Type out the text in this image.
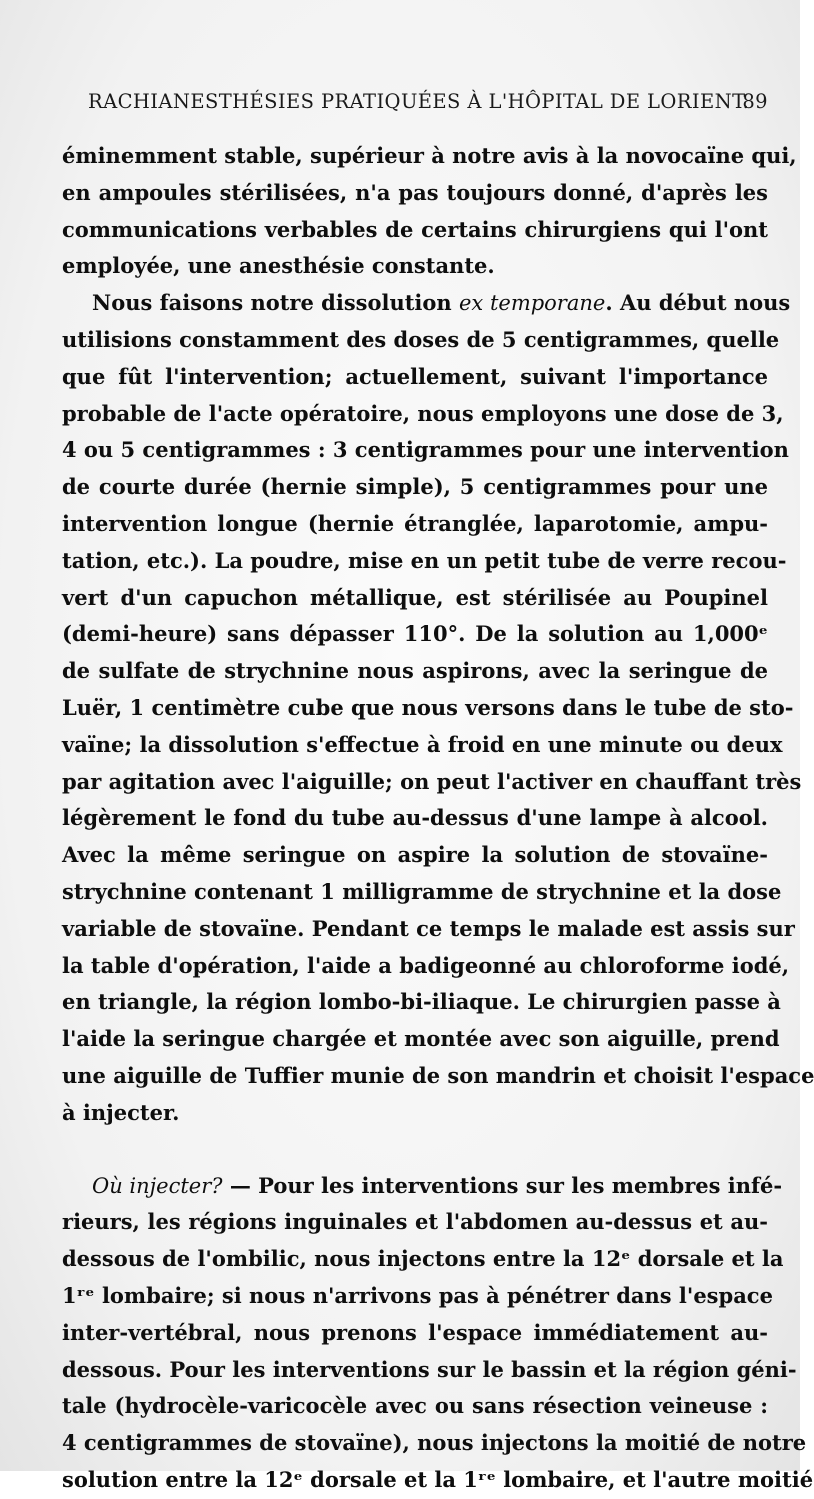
RACHIANESTHÉSIES PRATIQUÉES À L'HÔPITAL DE LORIENT.
89

éminemment stable, supérieur à notre avis à la novocaïne qui,
en ampoules stérilisées, n'a pas toujours donné, d'après les
communications verbables de certains chirurgiens qui l'ont
employée, une anesthésie constante.

Nous faisons notre dissolution ex temporane. Au début nous
utilisions constamment des doses de 5 centigrammes, quelle
que fût l'intervention; actuellement, suivant l'importance
probable de l'acte opératoire, nous employons une dose de 3,
4 ou 5 centigrammes : 3 centigrammes pour une intervention
de courte durée (hernie simple), 5 centigrammes pour une
intervention longue (hernie étranglée, laparotomie, ampu-
tation, etc.). La poudre, mise en un petit tube de verre recou-
vert d'un capuchon métallique, est stérilisée au Poupinel
(demi-heure) sans dépasser 110°. De la solution au 1,000ᵉ
de sulfate de strychnine nous aspirons, avec la seringue de
Luër, 1 centimètre cube que nous versons dans le tube de sto-
vaïne; la dissolution s'effectue à froid en une minute ou deux
par agitation avec l'aiguille; on peut l'activer en chauffant très
légèrement le fond du tube au-dessus d'une lampe à alcool.
Avec la même seringue on aspire la solution de stovaïne-
strychnine contenant 1 milligramme de strychnine et la dose
variable de stovaïne. Pendant ce temps le malade est assis sur
la table d'opération, l'aide a badigeonné au chloroforme iodé,
en triangle, la région lombo-bi-iliaque. Le chirurgien passe à
l'aide la seringue chargée et montée avec son aiguille, prend
une aiguille de Tuffier munie de son mandrin et choisit l'espace
à injecter.

Où injecter? — Pour les interventions sur les membres infé-
rieurs, les régions inguinales et l'abdomen au-dessus et au-
dessous de l'ombilic, nous injectons entre la 12ᵉ dorsale et la
1ʳᵉ lombaire; si nous n'arrivons pas à pénétrer dans l'espace
inter-vertébral, nous prenons l'espace immédiatement au-
dessous. Pour les interventions sur le bassin et la région géni-
tale (hydrocèle-varicocèle avec ou sans résection veineuse :
4 centigrammes de stovaïne), nous injectons la moitié de notre
solution entre la 12ᵉ dorsale et la 1ʳᵉ lombaire, et l'autre moitié
